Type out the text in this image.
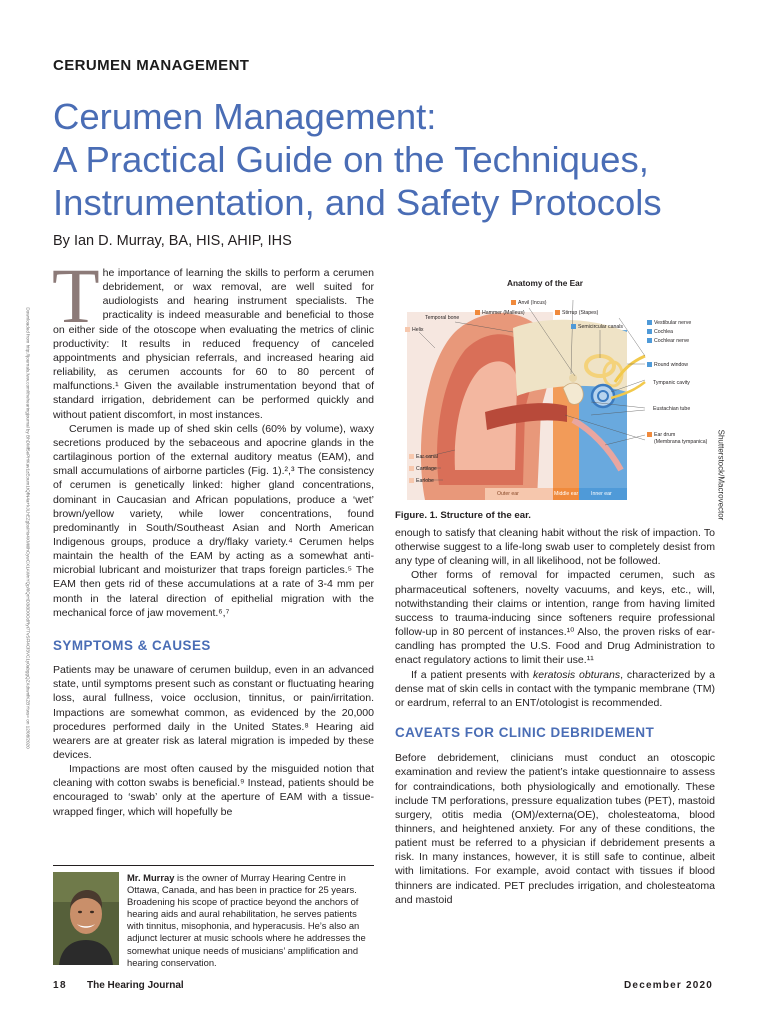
CERUMEN MANAGEMENT
Cerumen Management:
A Practical Guide on the Techniques,
Instrumentation, and Safety Protocols
By Ian D. Murray, BA, HIS, AHIP, IHS
Downloaded from http://journals.lww.com/thehearingjournal by BhDMf5ePHKav1zEoum1tQfN4a+kJLhEZgbsIHo4XMi0hCywCX1AWnYQp/IlQrHD3i3D0OdRyi7TvSFl4Cf3VC1y0abggQZXdtwnfKZBYtws= on 12/08/2020

The importance of learning the skills to perform a cerumen debridement, or wax removal, are well suited for audiologists and hearing instrument specialists. The practicality is indeed measurable and beneficial to those on either side of the otoscope when evaluating the metrics of clinic productivity: It results in reduced frequency of canceled appointments and physician referrals, and increased hearing aid reliability, as cerumen accounts for 60 to 80 percent of malfunctions.¹ Given the available instrumentation beyond that of standard irrigation, debridement can be performed quickly and without patient discomfort, in most instances.

Cerumen is made up of shed skin cells (60% by volume), waxy secretions produced by the sebaceous and apocrine glands in the cartilaginous portion of the external auditory meatus (EAM), and small accumulations of airborne particles (Fig. 1).²,³ The consistency of cerumen is genetically linked: higher gland concentrations, dominant in Caucasian and African populations, produce a ‘wet’ brown/yellow variety, while lower concentrations, found predominantly in South/Southeast Asian and North American Indigenous groups, produce a dry/flaky variety.⁴ Cerumen helps maintain the health of the EAM by acting as a somewhat anti-microbial lubricant and moisturizer that traps foreign particles.⁵ The EAM then gets rid of these accumulations at a rate of 3-4 mm per month in the lateral direction of epithelial migration with the mechanical force of jaw movement.⁶,⁷

SYMPTOMS & CAUSES

Patients may be unaware of cerumen buildup, even in an advanced state, until symptoms present such as constant or fluctuating hearing loss, aural fullness, voice occlusion, tinnitus, or pain/irritation. Impactions are somewhat common, as evidenced by the 20,000 procedures performed daily in the United States.⁸ Hearing aid wearers are at greater risk as lateral migration is impeded by these devices.

Impactions are most often caused by the misguided notion that cleaning with cotton swabs is beneficial.⁹ Instead, patients should be encouraged to ‘swab’ only at the aperture of EAM with a tissue-wrapped finger, which will hopefully be

Anatomy of the Ear
Anvil (Incus)
Hammer (Malleus)	Stirrup (Stapes)
Temporal bone
Semicircular canals
Vestibular nerve
Cochlea
Cochlear nerve
Helix
Round window
Tympanic cavity
Eustachian tube
Ear drum
(Membrana tympanica)
Ear canal
Cartilage
Earlobe
Outer ear	Middle ear Inner ear	Shutterstock/Macrovector
Figure. 1. Structure of the ear.

enough to satisfy that cleaning habit without the risk of impaction. To otherwise suggest to a life-long swab user to completely desist from any type of cleaning will, in all likelihood, not be followed.

Other forms of removal for impacted cerumen, such as pharmaceutical softeners, novelty vacuums, and keys, etc., will, notwithstanding their claims or intention, range from having limited success to trauma-inducing since softeners require professional follow-up in 80 percent of instances.¹⁰ Also, the proven risks of ear-candling has prompted the U.S. Food and Drug Administration to enact regulatory actions to limit their use.¹¹

If a patient presents with keratosis obturans, characterized by a dense mat of skin cells in contact with the tympanic membrane (TM) or eardrum, referral to an ENT/otologist is recommended.

CAVEATS FOR CLINIC DEBRIDEMENT

Before debridement, clinicians must conduct an otoscopic examination and review the patient’s intake questionnaire to assess for contraindications, both physiologically and emotionally. These include TM perforations, pressure equalization tubes (PET), mastoid surgery, otitis media (OM)/externa(OE), cholesteatoma, blood thinners, and heightened anxiety. For any of these conditions, the patient must be referred to a physician if debridement presents a risk. In many instances, however, it is still safe to continue, albeit with limitations. For example, avoid contact with tissues if blood thinners are indicated. PET precludes irrigation, and cholesteatoma and mastoid

Mr. Murray is the owner of Murray Hearing Centre in Ottawa, Canada, and has been in practice for 25 years. Broadening his scope of practice beyond the anchors of hearing aids and aural rehabilitation, he serves patients with tinnitus, misophonia, and hyperacusis. He’s also an adjunct lecturer at music schools where he addresses the somewhat unique needs of musicians’ amplification and hearing conservation.
18 The Hearing Journal	December 2020
